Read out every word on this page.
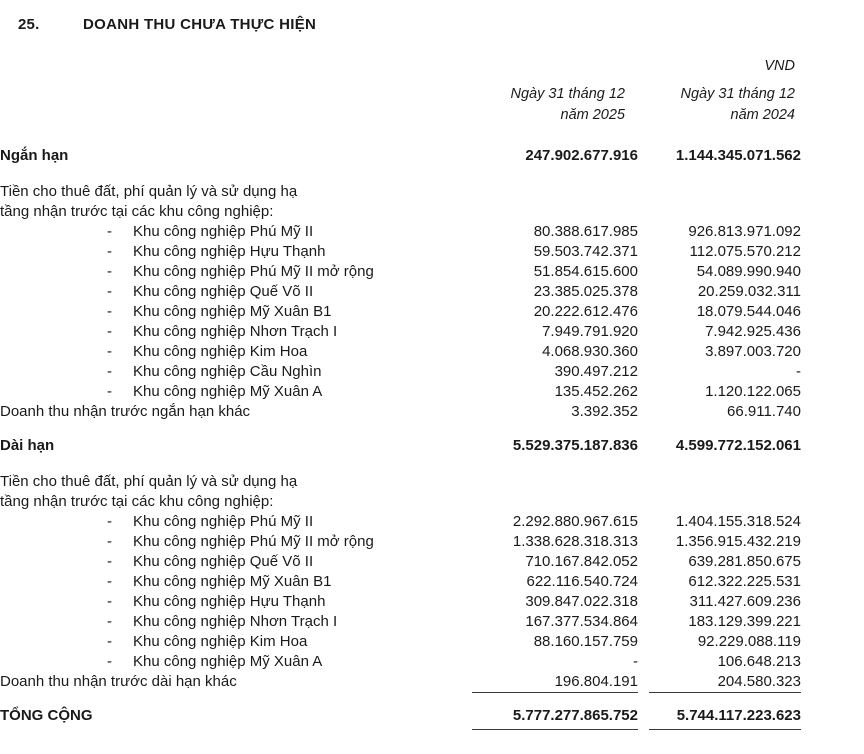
25.	DOANH THU CHƯA THỰC HIỆN
VND
Ngày 31 tháng 12
năm 2025
Ngày 31 tháng 12
năm 2024
Ngắn hạn	247.902.677.916		1.144.345.071.562	

Tiền cho thuê đất, phí quản lý và sử dụng hạ				
tầng nhận trước tại các khu công nghiệp:				

- Khu công nghiệp Phú Mỹ II	80.388.617.985		926.813.971.092	

- Khu công nghiệp Hựu Thạnh	59.503.742.371		112.075.570.212	

- Khu công nghiệp Phú Mỹ II mở rộng	51.854.615.600		54.089.990.940	

- Khu công nghiệp Quế Võ II	23.385.025.378		20.259.032.311	

- Khu công nghiệp Mỹ Xuân B1	20.222.612.476		18.079.544.046	

- Khu công nghiệp Nhơn Trạch I	7.949.791.920		7.942.925.436	

- Khu công nghiệp Kim Hoa	4.068.930.360		3.897.003.720	

- Khu công nghiệp Cầu Nghìn	390.497.212		-	

- Khu công nghiệp Mỹ Xuân A	135.452.262		1.120.122.065	
Doanh thu nhận trước ngắn hạn khác	3.392.352		66.911.740	

Dài hạn	5.529.375.187.836		4.599.772.152.061	

Tiền cho thuê đất, phí quản lý và sử dụng hạ				
tầng nhận trước tại các khu công nghiệp:				

- Khu công nghiệp Phú Mỹ II	2.292.880.967.615		1.404.155.318.524	

- Khu công nghiệp Phú Mỹ II mở rộng	1.338.628.318.313		1.356.915.432.219	

- Khu công nghiệp Quế Võ II	710.167.842.052		639.281.850.675	

- Khu công nghiệp Mỹ Xuân B1	622.116.540.724		612.322.225.531	

- Khu công nghiệp Hựu Thạnh	309.847.022.318		311.427.609.236	

- Khu công nghiệp Nhơn Trạch I	167.377.534.864		183.129.399.221	

- Khu công nghiệp Kim Hoa	88.160.157.759		92.229.088.119	

- Khu công nghiệp Mỹ Xuân A	-		106.648.213	
Doanh thu nhận trước dài hạn khác	196.804.191		204.580.323	

TỔNG CỘNG	5.777.277.865.752		5.744.117.223.623	
